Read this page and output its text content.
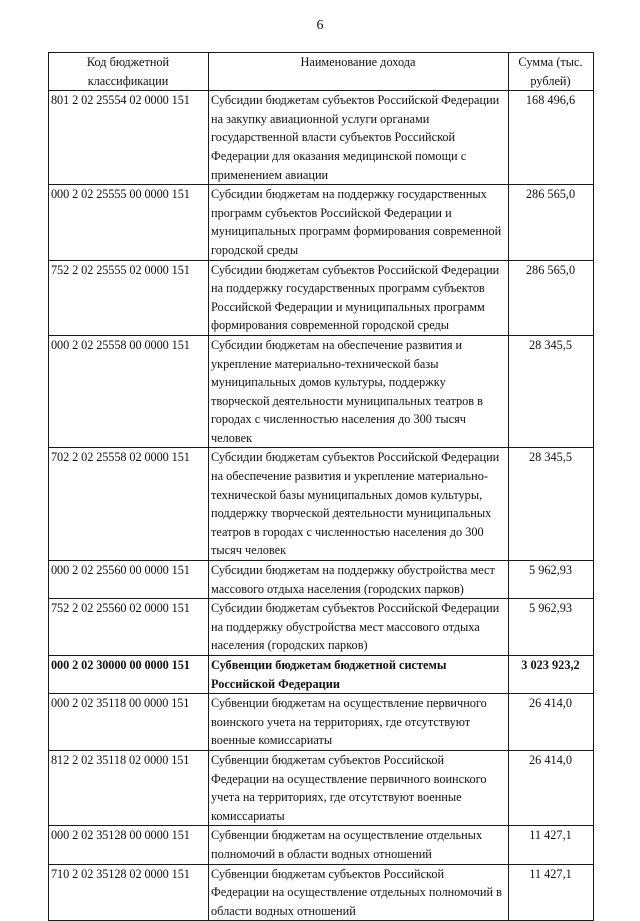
6
Код бюджетной классификации	Наименование дохода	Сумма (тыс. рублей)
801 2 02 25554 02 0000 151	Субсидии бюджетам субъектов Российской Федерации на закупку авиационной услуги органами государственной власти субъектов Российской Федерации для оказания медицинской помощи с применением авиации	168 496,6
000 2 02 25555 00 0000 151	Субсидии бюджетам на поддержку государственных программ субъектов Российской Федерации и муниципальных программ формирования современной городской среды	286 565,0
752 2 02 25555 02 0000 151	Субсидии бюджетам субъектов Российской Федерации на поддержку государственных программ субъектов Российской Федерации и муниципальных программ формирования современной городской среды	286 565,0
000 2 02 25558 00 0000 151	Субсидии бюджетам на обеспечение развития и укрепление материально-технической базы муниципальных домов культуры, поддержку творческой деятельности муниципальных театров в городах с численностью населения до 300 тысяч человек	28 345,5
702 2 02 25558 02 0000 151	Субсидии бюджетам субъектов Российской Федерации на обеспечение развития и укрепление материально-технической базы муниципальных домов культуры, поддержку творческой деятельности муниципальных театров в городах с численностью населения до 300 тысяч человек	28 345,5
000 2 02 25560 00 0000 151	Субсидии бюджетам на поддержку обустройства мест массового отдыха населения (городских парков)	5 962,93
752 2 02 25560 02 0000 151	Субсидии бюджетам субъектов Российской Федерации на поддержку обустройства мест массового отдыха населения (городских парков)	5 962,93
000 2 02 30000 00 0000 151	Субвенции бюджетам бюджетной системы Российской Федерации	3 023 923,2
000 2 02 35118 00 0000 151	Субвенции бюджетам на осуществление первичного воинского учета на территориях, где отсутствуют военные комиссариаты	26 414,0
812 2 02 35118 02 0000 151	Субвенции бюджетам субъектов Российской Федерации на осуществление первичного воинского учета на территориях, где отсутствуют военные комиссариаты	26 414,0
000 2 02 35128 00 0000 151	Субвенции бюджетам на осуществление отдельных полномочий в области водных отношений	11 427,1
710 2 02 35128 02 0000 151	Субвенции бюджетам субъектов Российской Федерации на осуществление отдельных полномочий в области водных отношений	11 427,1
